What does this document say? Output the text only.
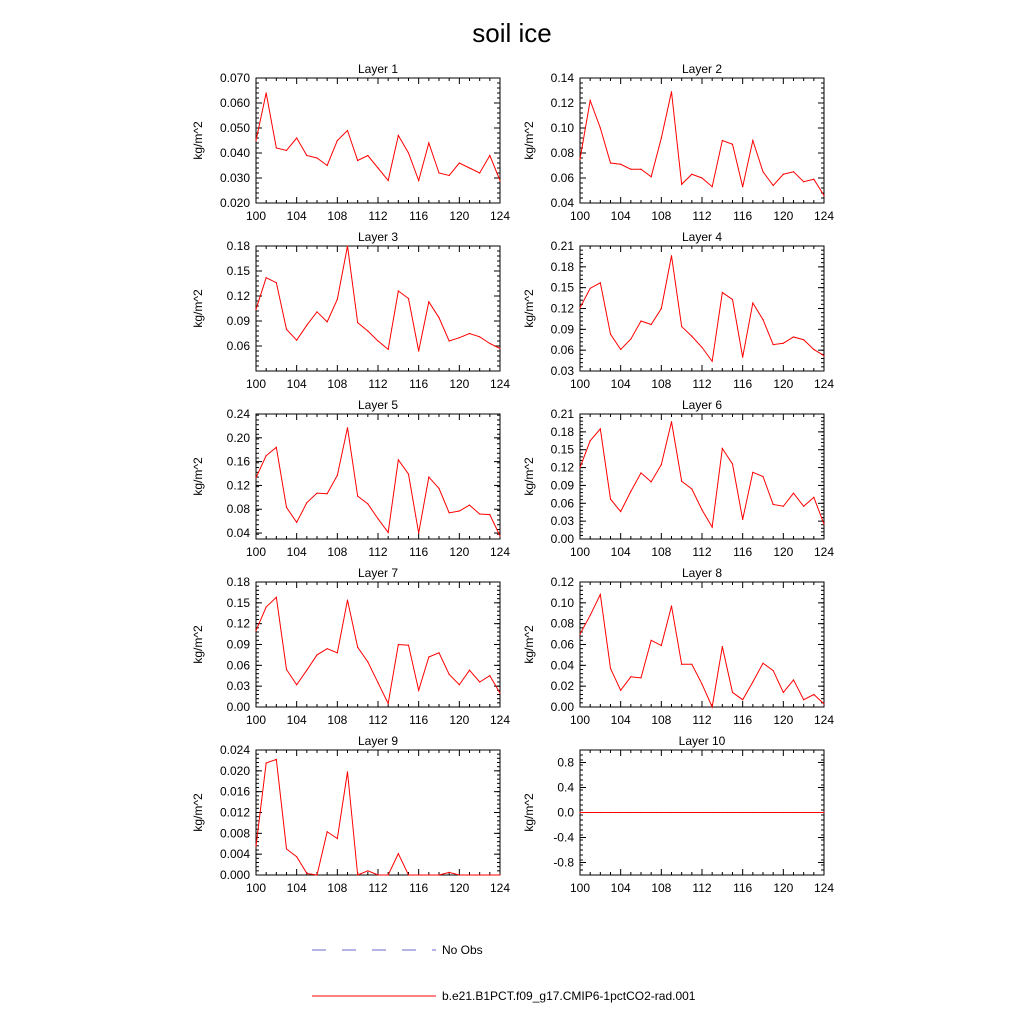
soil ice
Layer 1
kg/m^2
100 104 108 112 116 120 124
0.020
0.030
0.040
0.050
0.060
0.070
Layer 2
kg/m^2
100 104 108 112 116 120 124
0.04
0.06
0.08
0.10
0.12
0.14
Layer 3
kg/m^2
100 104 108 112 116 120 124
0.06
0.09
0.12
0.15
0.18
Layer 4
kg/m^2
100 104 108 112 116 120 124
0.03
0.06
0.09
0.12
0.15
0.18
0.21
Layer 5
kg/m^2
100 104 108 112 116 120 124
0.04
0.08
0.12
0.16
0.20
0.24
Layer 6
kg/m^2
100 104 108 112 116 120 124
0.00
0.03
0.06
0.09
0.12
0.15
0.18
0.21
Layer 7
kg/m^2
100 104 108 112 116 120 124
0.00
0.03
0.06
0.09
0.12
0.15
0.18
Layer 8
kg/m^2
100 104 108 112 116 120 124
0.00
0.02
0.04
0.06
0.08
0.10
0.12
Layer 9
kg/m^2
100 104 108 112 116 120 124
0.000
0.004
0.008
0.012
0.016
0.020
0.024
Layer 10
kg/m^2
100 104 108 112 116 120 124
-0.8
-0.4
0.0
0.4
0.8
No Obs
b.e21.B1PCT.f09_g17.CMIP6-1pctCO2-rad.001
